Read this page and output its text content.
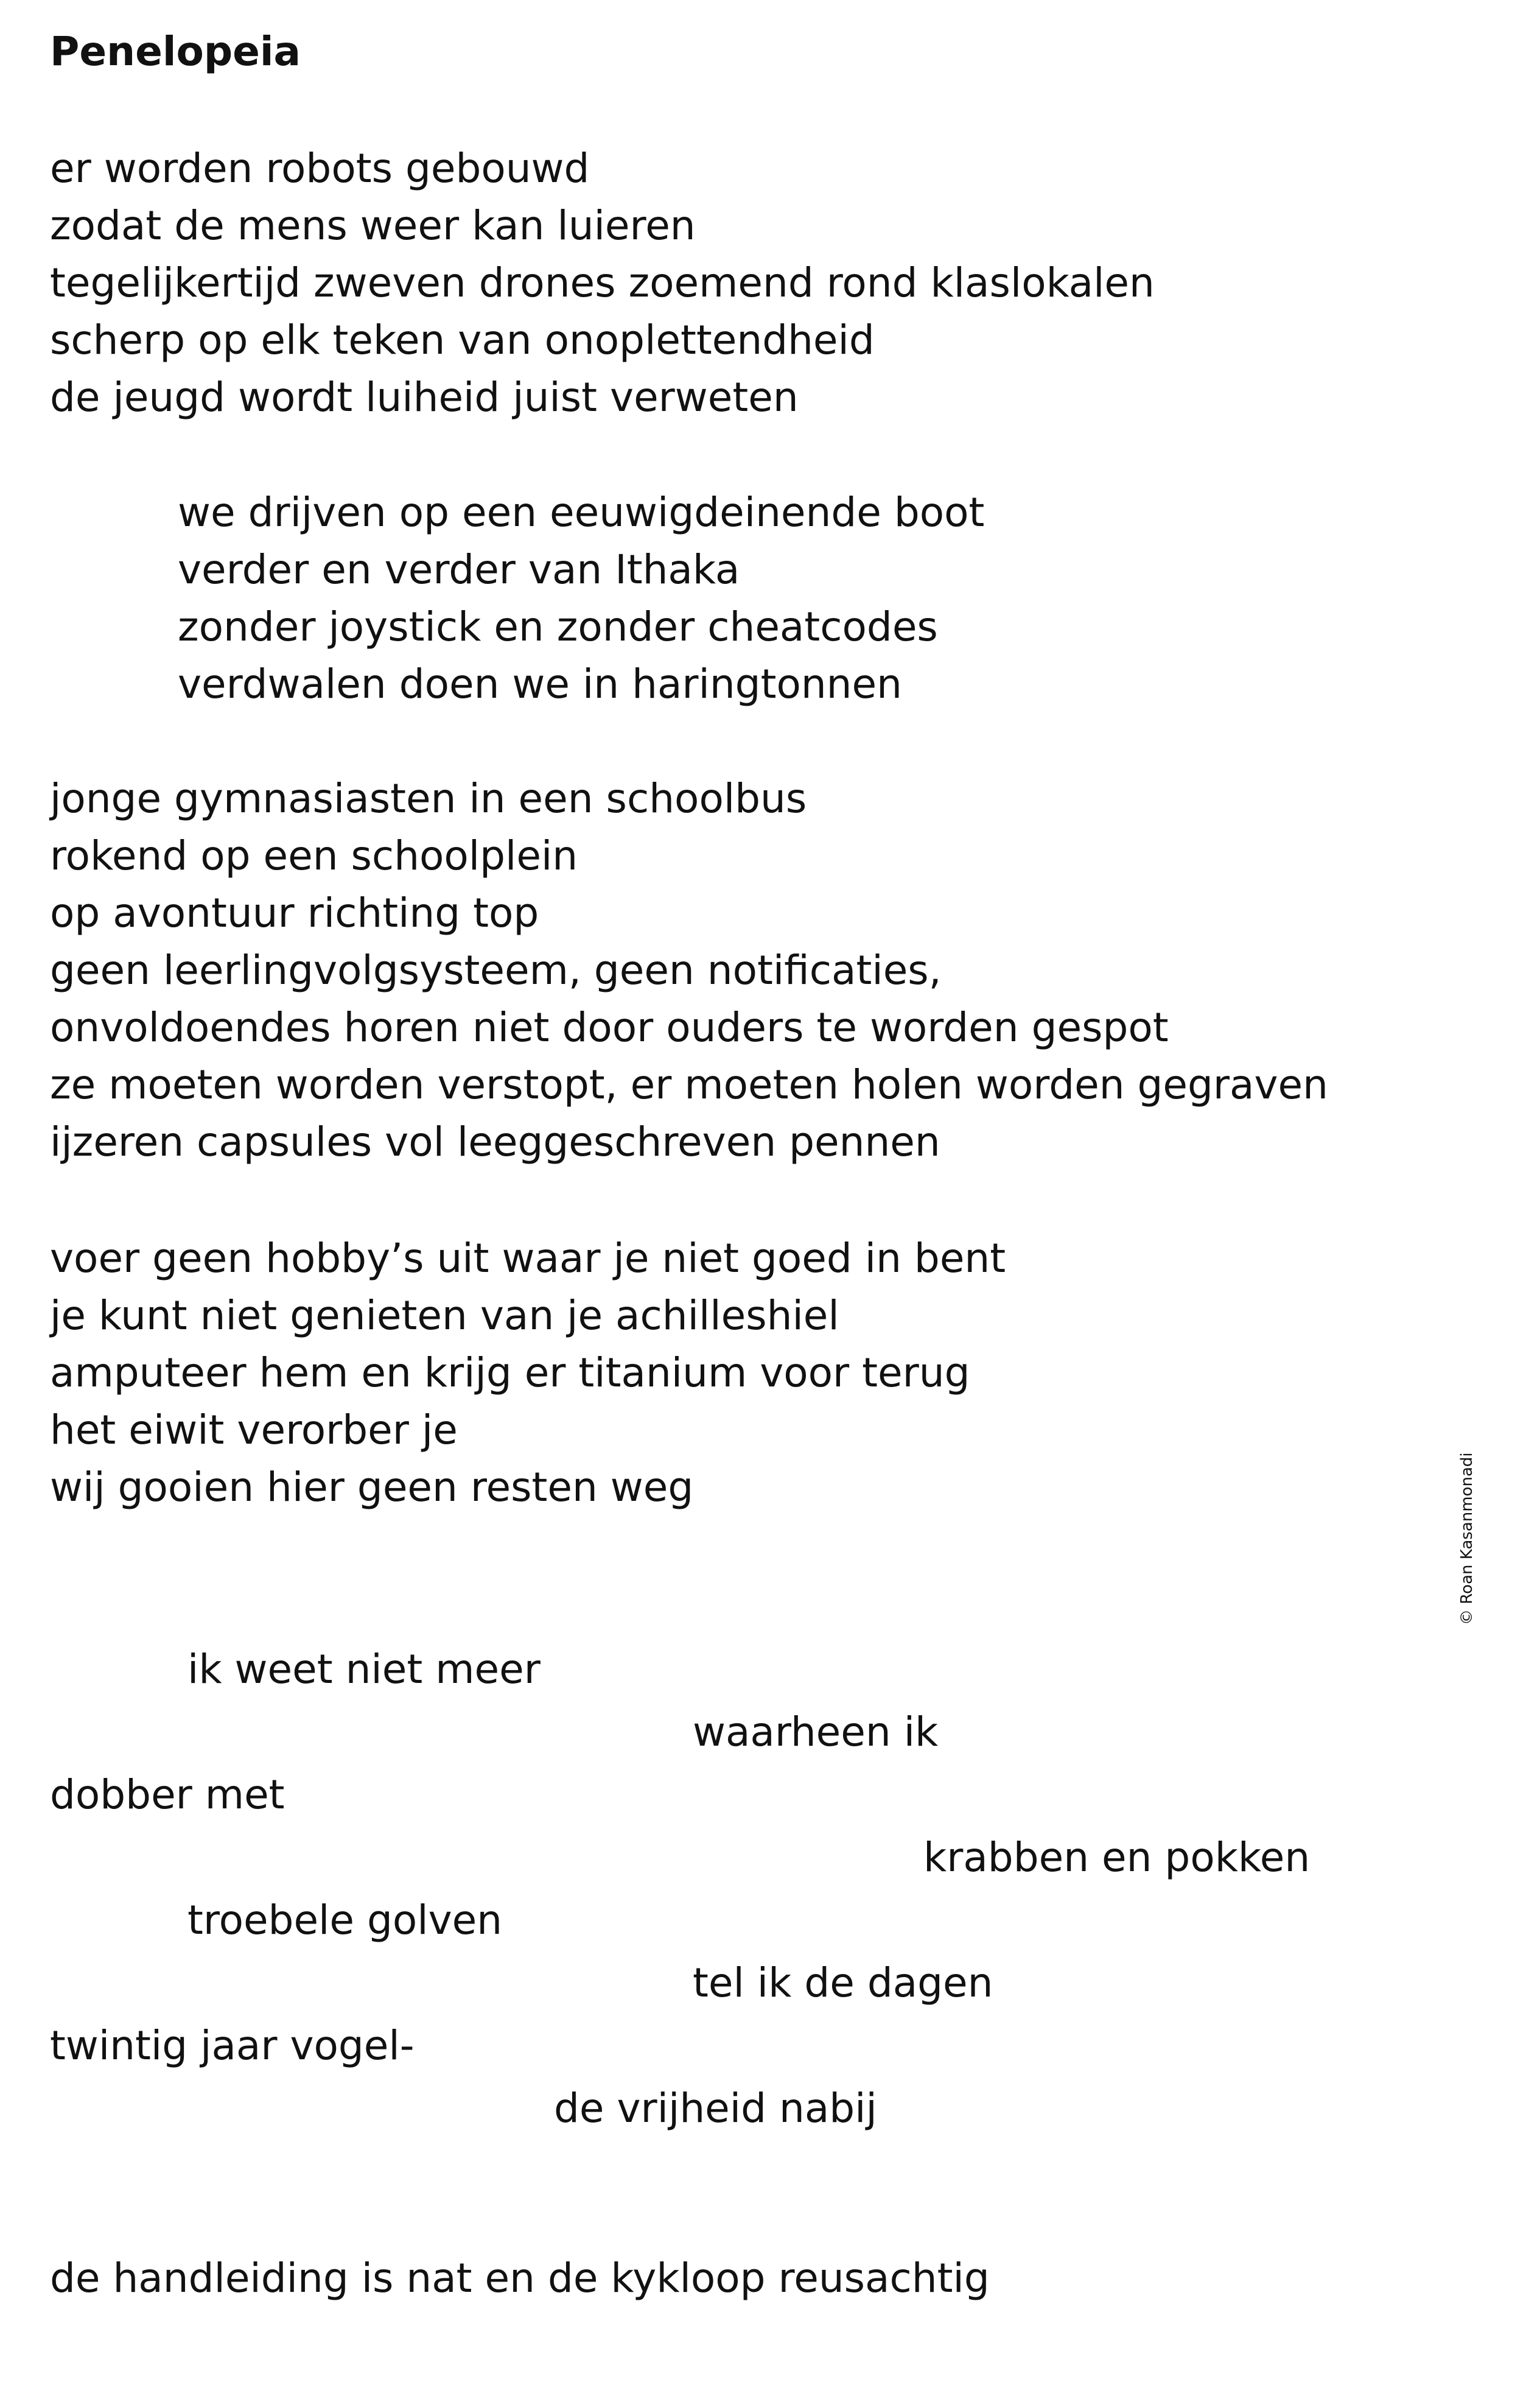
Penelopeia
er worden robots gebouwd
zodat de mens weer kan luieren
tegelijkertijd zweven drones zoemend rond klaslokalen
scherp op elk teken van onoplettendheid
de jeugd wordt luiheid juist verweten
we drijven op een eeuwigdeinende boot
verder en verder van Ithaka
zonder joystick en zonder cheatcodes
verdwalen doen we in haringtonnen
jonge gymnasiasten in een schoolbus
rokend op een schoolplein
op avontuur richting top
geen leerlingvolgsysteem, geen notificaties,
onvoldoendes horen niet door ouders te worden gespot
ze moeten worden verstopt, er moeten holen worden gegraven
ijzeren capsules vol leeggeschreven pennen
voer geen hobby’s uit waar je niet goed in bent
je kunt niet genieten van je achilleshiel
amputeer hem en krijg er titanium voor terug
het eiwit verorber je
wij gooien hier geen resten weg
ik weet niet meer
waarheen ik
dobber met
krabben en pokken
troebele golven
tel ik de dagen
twintig jaar vogel-
de vrijheid nabij
de handleiding is nat en de kykloop reusachtig
© Roan Kasanmonadi
